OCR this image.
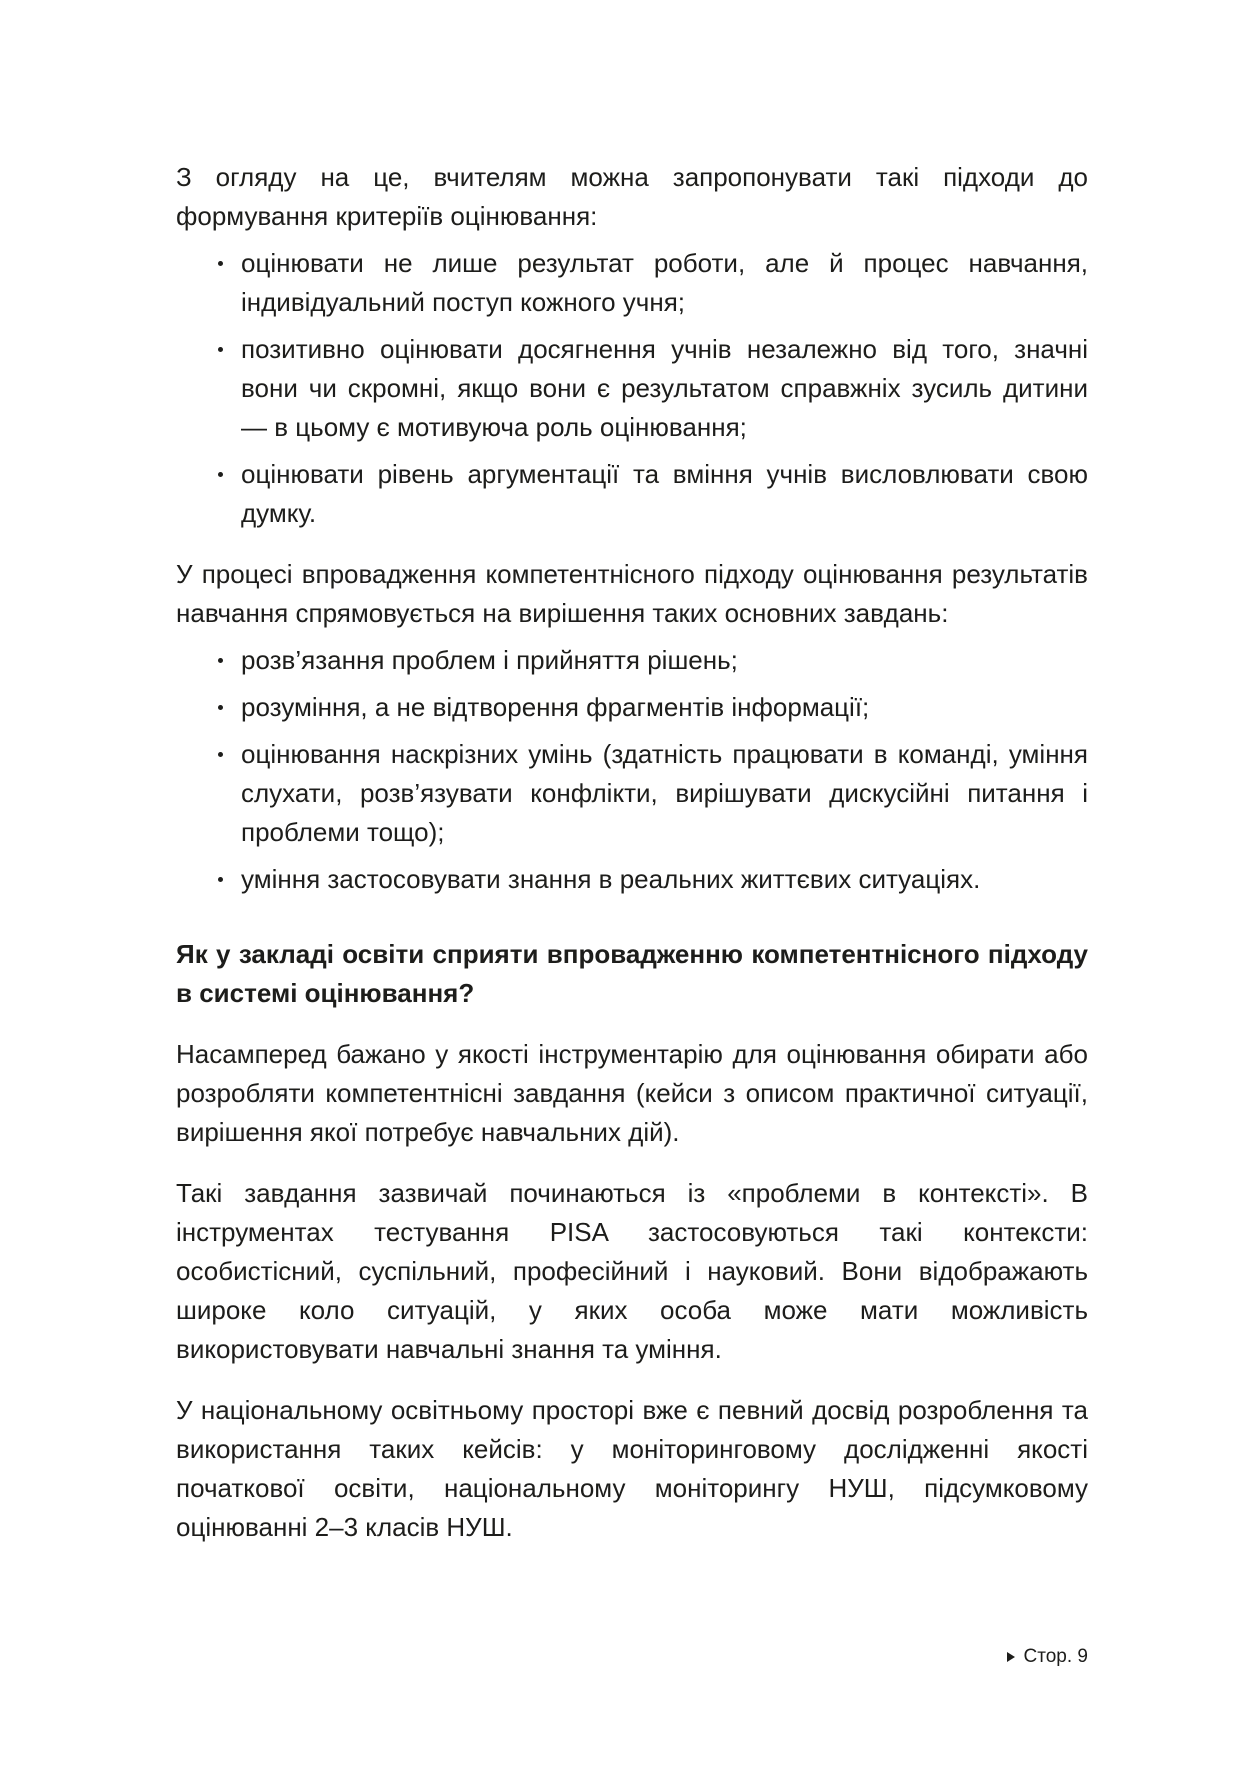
З огляду на це, вчителям можна запропонувати такі підходи до формування критеріїв оцінювання:

оцінювати не лише результат роботи, але й процес навчання, індивідуальний поступ кожного учня;
позитивно оцінювати досягнення учнів незалежно від того, значні вони чи скромні, якщо вони є результатом справжніх зусиль дитини — в цьому є мотивуюча роль оцінювання;
оцінювати рівень аргументації та вміння учнів висловлювати свою думку.

У процесі впровадження компетентнісного підходу оцінювання результатів навчання спрямовується на вирішення таких основних завдань:

розв’язання проблем і прийняття рішень;
розуміння, а не відтворення фрагментів інформації;
оцінювання наскрізних умінь (здатність працювати в команді, уміння слухати, розв’язувати конфлікти, вирішувати дискусійні питання і проблеми тощо);
уміння застосовувати знання в реальних життєвих ситуаціях.
Як у закладі освіти сприяти впровадженню компетентнісного підходу в системі оцінювання?

Насамперед бажано у якості інструментарію для оцінювання обирати або розробляти компетентнісні завдання (кейси з описом практичної ситуації, вирішення якої потребує навчальних дій).

Такі завдання зазвичай починаються із «проблеми в контексті». В інструментах тестування PISA застосовуються такі контексти: особистісний, суспільний, професійний і науковий. Вони відображають широке коло ситуацій, у яких особа може мати можливість використовувати навчальні знання та уміння.

У національному освітньому просторі вже є певний досвід розроблення та використання таких кейсів: у моніторинговому дослідженні якості початкової освіти, національному моніторингу НУШ, підсумковому оцінюванні 2–3 класів НУШ.

Стор. 9
